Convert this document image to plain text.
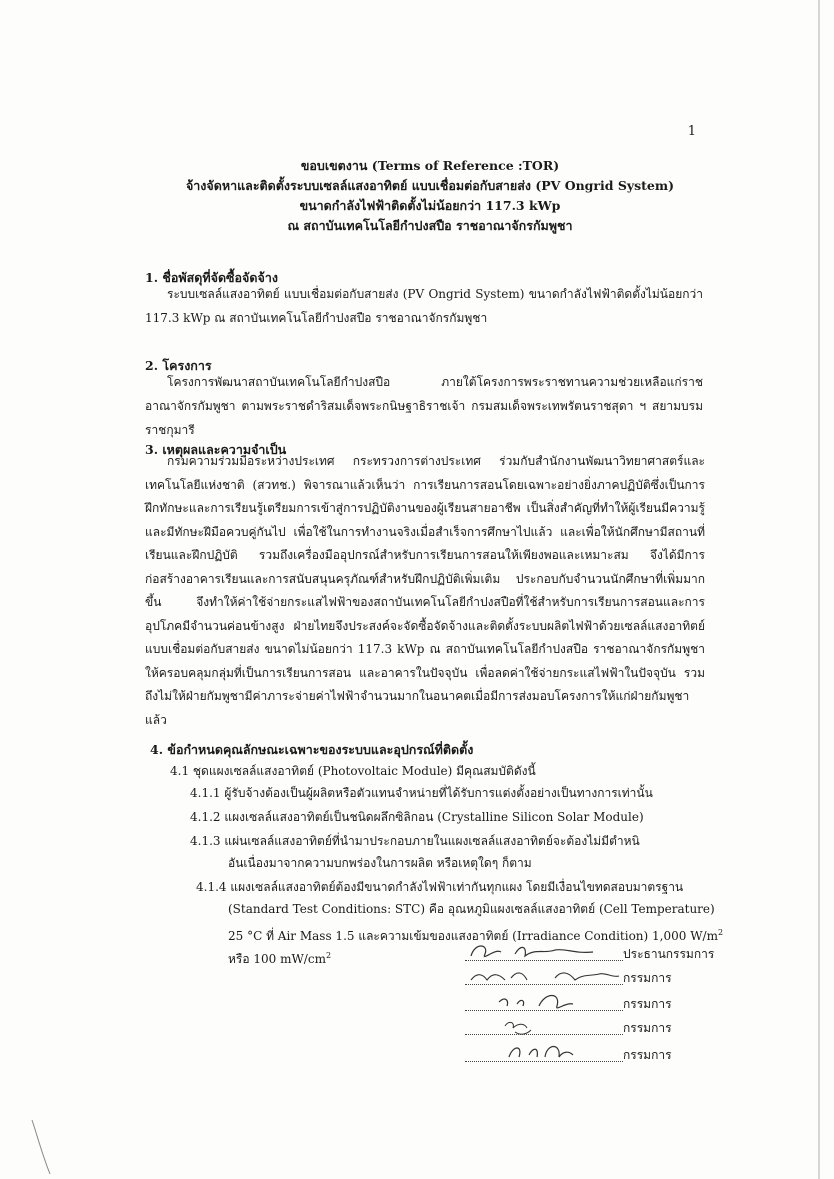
1
ขอบเขตงาน (Terms of Reference :TOR)
จ้างจัดหาและติดตั้งระบบเซลล์แสงอาทิตย์ แบบเชื่อมต่อกับสายส่ง (PV Ongrid System)
ขนาดกำลังไฟฟ้าติดตั้งไม่น้อยกว่า 117.3 kWp
ณ สถาบันเทคโนโลยีกำปงสปือ ราชอาณาจักรกัมพูชา
1. ชื่อพัสดุที่จัดซื้อจัดจ้าง
ระบบเซลล์แสงอาทิตย์ แบบเชื่อมต่อกับสายส่ง (PV Ongrid System) ขนาดกำลังไฟฟ้าติดตั้งไม่น้อยกว่า 117.3 kWp ณ สถาบันเทคโนโลยีกำปงสปือ ราชอาณาจักรกัมพูชา
2. โครงการ
โครงการพัฒนาสถาบันเทคโนโลยีกำปงสปือ ภายใต้โครงการพระราชทานความช่วยเหลือแก่ราชอาณาจักรกัมพูชา ตามพระราชดำริสมเด็จพระกนิษฐาธิราชเจ้า กรมสมเด็จพระเทพรัตนราชสุดา ฯ สยามบรมราชกุมารี
3. เหตุผลและความจำเป็น
กรมความร่วมมือระหว่างประเทศ กระทรวงการต่างประเทศ ร่วมกับสำนักงานพัฒนาวิทยาศาสตร์และเทคโนโลยีแห่งชาติ (สวทช.) พิจารณาแล้วเห็นว่า การเรียนการสอนโดยเฉพาะอย่างยิ่งภาคปฏิบัติซึ่งเป็นการฝึกทักษะและการเรียนรู้เตรียมการเข้าสู่การปฏิบัติงานของผู้เรียนสายอาชีพ เป็นสิ่งสำคัญที่ทำให้ผู้เรียนมีความรู้และมีทักษะฝีมือควบคู่กันไป เพื่อใช้ในการทำงานจริงเมื่อสำเร็จการศึกษาไปแล้ว และเพื่อให้นักศึกษามีสถานที่เรียนและฝึกปฏิบัติ รวมถึงเครื่องมืออุปกรณ์สำหรับการเรียนการสอนให้เพียงพอและเหมาะสม จึงได้มีการก่อสร้างอาคารเรียนและการสนับสนุนครุภัณฑ์สำหรับฝึกปฏิบัติเพิ่มเติม ประกอบกับจำนวนนักศึกษาที่เพิ่มมากขึ้น จึงทำให้ค่าใช้จ่ายกระแสไฟฟ้าของสถาบันเทคโนโลยีกำปงสปือที่ใช้สำหรับการเรียนการสอนและการอุปโภคมีจำนวนค่อนข้างสูง ฝ่ายไทยจึงประสงค์จะจัดซื้อจัดจ้างและติดตั้งระบบผลิตไฟฟ้าด้วยเซลล์แสงอาทิตย์แบบเชื่อมต่อกับสายส่ง ขนาดไม่น้อยกว่า 117.3 kWp ณ สถาบันเทคโนโลยีกำปงสปือ ราชอาณาจักรกัมพูชา ให้ครอบคลุมกลุ่มที่เป็นการเรียนการสอน และอาคารในปัจจุบัน เพื่อลดค่าใช้จ่ายกระแสไฟฟ้าในปัจจุบัน รวมถึงไม่ให้ฝ่ายกัมพูชามีค่าภาระจ่ายค่าไฟฟ้าจำนวนมากในอนาคตเมื่อมีการส่งมอบโครงการให้แก่ฝ่ายกัมพูชาแล้ว
4. ข้อกำหนดคุณลักษณะเฉพาะของระบบและอุปกรณ์ที่ติดตั้ง
4.1 ชุดแผงเซลล์แสงอาทิตย์ (Photovoltaic Module) มีคุณสมบัติดังนี้
4.1.1 ผู้รับจ้างต้องเป็นผู้ผลิตหรือตัวแทนจำหน่ายที่ได้รับการแต่งตั้งอย่างเป็นทางการเท่านั้น
4.1.2 แผงเซลล์แสงอาทิตย์เป็นชนิดผลึกซิลิกอน (Crystalline Silicon Solar Module)
4.1.3 แผ่นเซลล์แสงอาทิตย์ที่นำมาประกอบภายในแผงเซลล์แสงอาทิตย์จะต้องไม่มีตำหนิ
อันเนื่องมาจากความบกพร่องในการผลิต หรือเหตุใดๆ ก็ตาม
4.1.4 แผงเซลล์แสงอาทิตย์ต้องมีขนาดกำลังไฟฟ้าเท่ากันทุกแผง โดยมีเงื่อนไขทดสอบมาตรฐาน
(Standard Test Conditions: STC) คือ อุณหภูมิแผงเซลล์แสงอาทิตย์ (Cell Temperature)
25 °C ที่ Air Mass 1.5 และความเข้มของแสงอาทิตย์ (Irradiance Condition) 1,000 $W/m^2$
หรือ 100 $mW/cm^2$	ประธานกรรมการ
กรรมการ
กรรมการ
กรรมการ
กรรมการ
